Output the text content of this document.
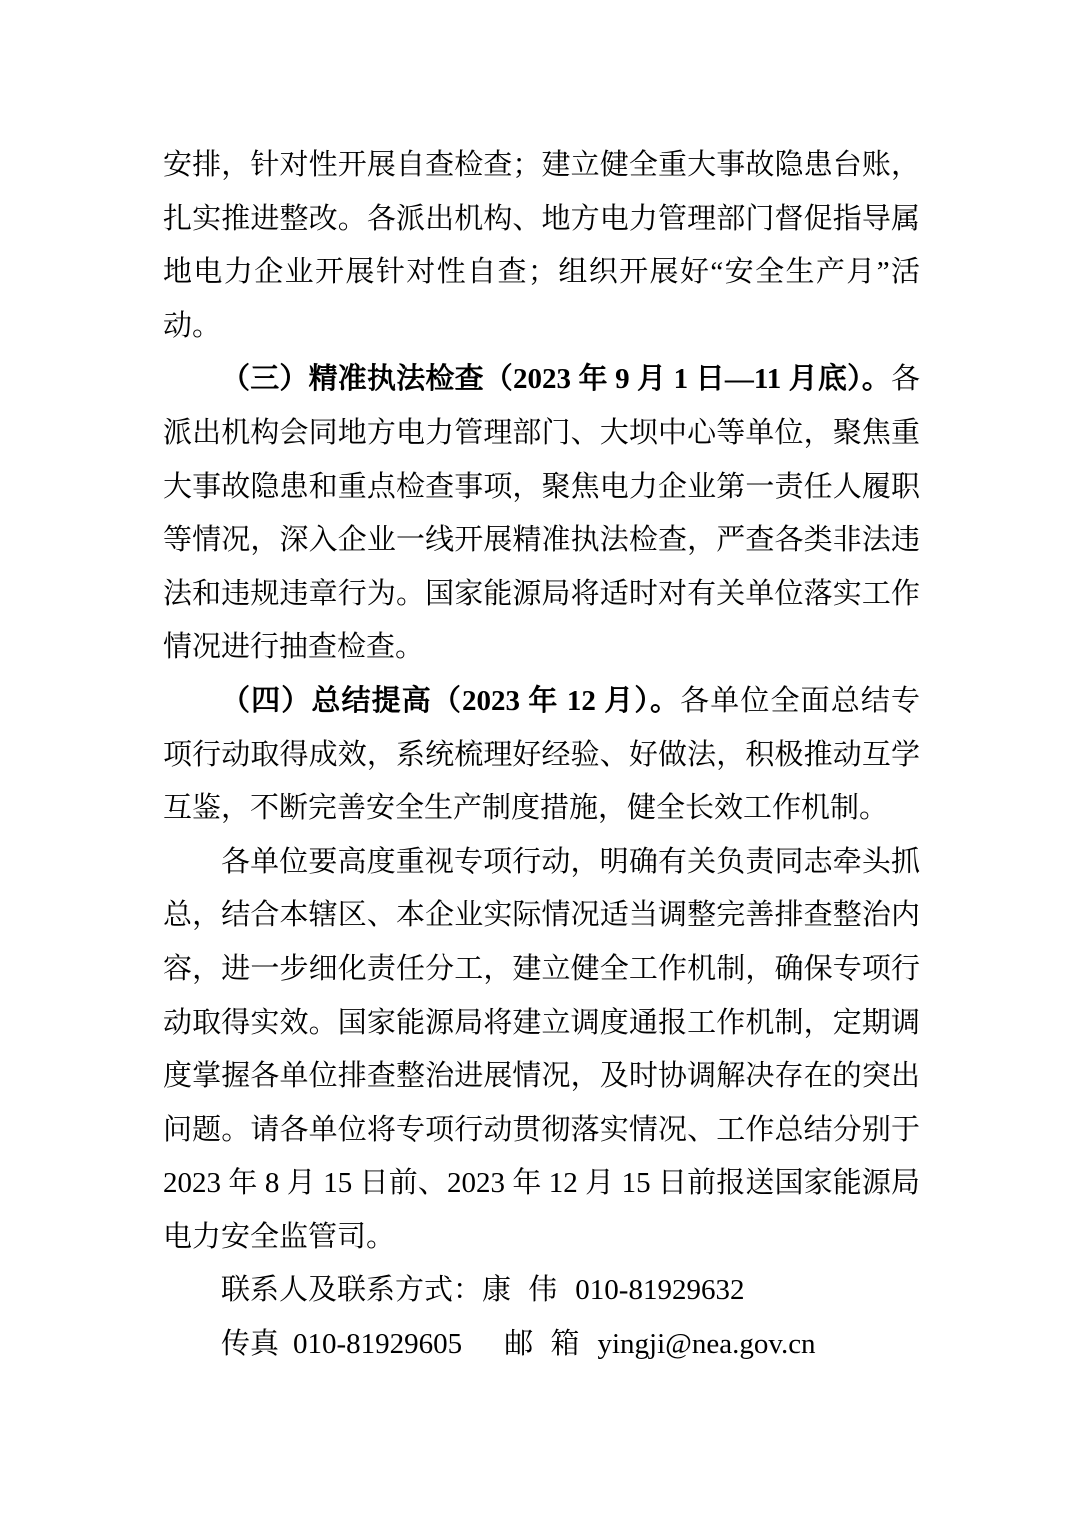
安排，针对性开展自查检查；建立健全重大事故隐患台账，扎实推进整改。各派出机构、地方电力管理部门督促指导属地电力企业开展针对性自查；组织开展好“安全生产月”活动。

（三）精准执法检查（2023 年 9 月 1 日—11 月底）。各派出机构会同地方电力管理部门、大坝中心等单位，聚焦重大事故隐患和重点检查事项，聚焦电力企业第一责任人履职等情况，深入企业一线开展精准执法检查，严查各类非法违法和违规违章行为。国家能源局将适时对有关单位落实工作情况进行抽查检查。

（四）总结提高（2023 年 12 月）。各单位全面总结专项行动取得成效，系统梳理好经验、好做法，积极推动互学互鉴，不断完善安全生产制度措施，健全长效工作机制。

各单位要高度重视专项行动，明确有关负责同志牵头抓总，结合本辖区、本企业实际情况适当调整完善排查整治内容，进一步细化责任分工，建立健全工作机制，确保专项行动取得实效。国家能源局将建立调度通报工作机制，定期调度掌握各单位排查整治进展情况，及时协调解决存在的突出问题。请各单位将专项行动贯彻落实情况、工作总结分别于 2023 年 8 月 15 日前、2023 年 12 月 15 日前报送国家能源局电力安全监管司。

联系人及联系方式：康 伟 010-81929632

传真 010-81929605 邮 箱 yingji@nea.gov.cn
